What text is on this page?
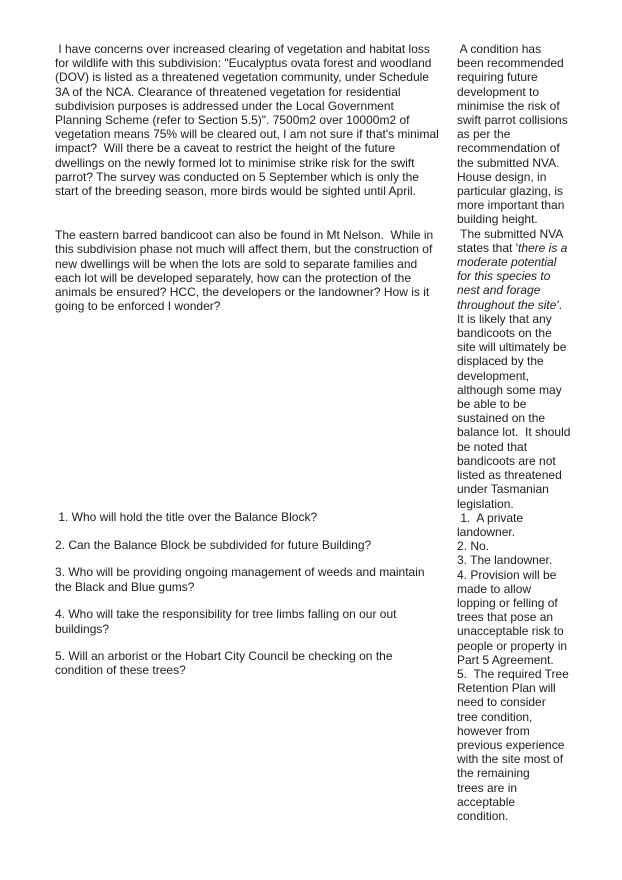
I have concerns over increased clearing of vegetation and habitat loss
for wildlife with this subdivision: "Eucalyptus ovata forest and woodland
(DOV) is listed as a threatened vegetation community, under Schedule
3A of the NCA. Clearance of threatened vegetation for residential
subdivision purposes is addressed under the Local Government
Planning Scheme (refer to Section 5.5)". 7500m2 over 10000m2 of
vegetation means 75% will be cleared out, I am not sure if that's minimal
impact?  Will there be a caveat to restrict the height of the future
dwellings on the newly formed lot to minimise strike risk for the swift
parrot? The survey was conducted on 5 September which is only the
start of the breeding season, more birds would be sighted until April.
The eastern barred bandicoot can also be found in Mt Nelson.  While in
this subdivision phase not much will affect them, but the construction of
new dwellings will be when the lots are sold to separate families and
each lot will be developed separately, how can the protection of the
animals be ensured? HCC, the developers or the landowner? How is it
going to be enforced I wonder?
1. Who will hold the title over the Balance Block?
2. Can the Balance Block be subdivided for future Building?
3. Who will be providing ongoing management of weeds and maintain
the Black and Blue gums?
4. Who will take the responsibility for tree limbs falling on our out
buildings?
5. Will an arborist or the Hobart City Council be checking on the
condition of these trees?
A condition has
been recommended
requiring future
development to
minimise the risk of
swift parrot collisions
as per the
recommendation of
the submitted NVA.
House design, in
particular glazing, is
more important than
building height.
The submitted NVA
states that 'there is a
moderate potential
for this species to
nest and forage
throughout the site'.
It is likely that any
bandicoots on the
site will ultimately be
displaced by the
development,
although some may
be able to be
sustained on the
balance lot.  It should
be noted that
bandicoots are not
listed as threatened
under Tasmanian
legislation.
1.  A private
landowner.
2. No.
3. The landowner.
4. Provision will be
made to allow
lopping or felling of
trees that pose an
unacceptable risk to
people or property in
Part 5 Agreement.
5.  The required Tree
Retention Plan will
need to consider
tree condition,
however from
previous experience
with the site most of
the remaining
trees are in
acceptable
condition.
